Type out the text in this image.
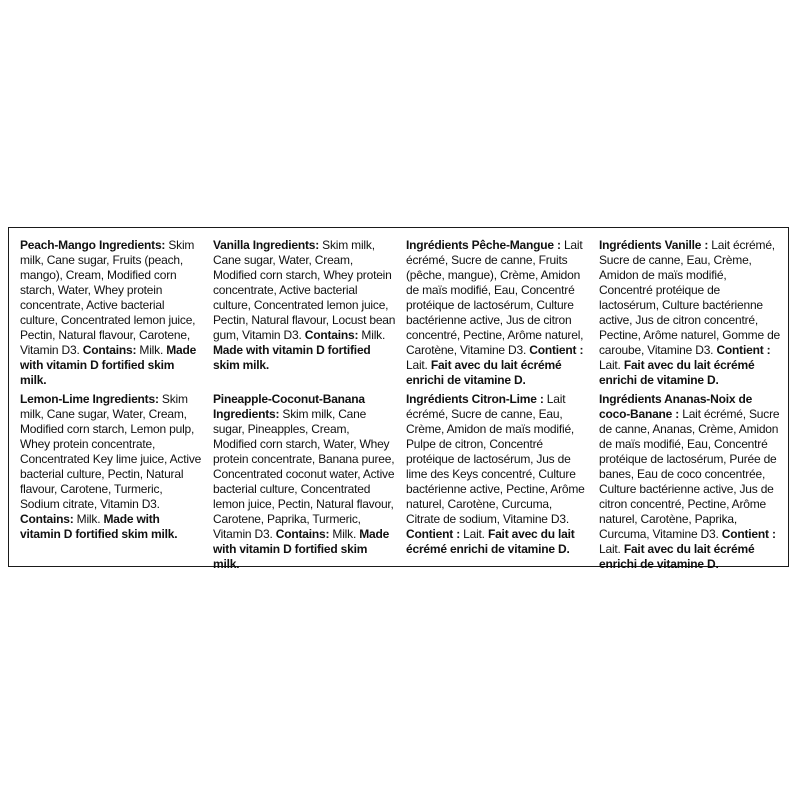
Peach-Mango Ingredients: Skim milk, Cane sugar, Fruits (peach, mango), Cream, Modified corn starch, Water, Whey protein concentrate, Active bacterial culture, Concentrated lemon juice, Pectin, Natural flavour, Carotene, Vitamin D3. Contains: Milk. Made with vitamin D fortified skim milk.
Vanilla Ingredients: Skim milk, Cane sugar, Water, Cream, Modified corn starch, Whey protein concentrate, Active bacterial culture, Concentrated lemon juice, Pectin, Natural flavour, Locust bean gum, Vitamin D3. Contains: Milk. Made with vitamin D fortified skim milk.
Ingrédients Pêche-Mangue : Lait écrémé, Sucre de canne, Fruits (pêche, mangue), Crème, Amidon de maïs modifié, Eau, Concentré protéique de lactosérum, Culture bactérienne active, Jus de citron concentré, Pectine, Arôme naturel, Carotène, Vitamine D3. Contient : Lait. Fait avec du lait écrémé enrichi de vitamine D.
Ingrédients Vanille : Lait écrémé, Sucre de canne, Eau, Crème, Amidon de maïs modifié, Concentré protéique de lactosérum, Culture bactérienne active, Jus de citron concentré, Pectine, Arôme naturel, Gomme de caroube, Vitamine D3. Contient : Lait. Fait avec du lait écrémé enrichi de vitamine D.
Lemon-Lime Ingredients: Skim milk, Cane sugar, Water, Cream, Modified corn starch, Lemon pulp, Whey protein concentrate, Concentrated Key lime juice, Active bacterial culture, Pectin, Natural flavour, Carotene, Turmeric, Sodium citrate, Vitamin D3. Contains: Milk. Made with vitamin D fortified skim milk.
Pineapple-Coconut-Banana Ingredients: Skim milk, Cane sugar, Pineapples, Cream, Modified corn starch, Water, Whey protein concentrate, Banana puree, Concentrated coconut water, Active bacterial culture, Concentrated lemon juice, Pectin, Natural flavour, Carotene, Paprika, Turmeric, Vitamin D3. Contains: Milk. Made with vitamin D fortified skim milk.
Ingrédients Citron-Lime : Lait écrémé, Sucre de canne, Eau, Crème, Amidon de maïs modifié, Pulpe de citron, Concentré protéique de lactosérum, Jus de lime des Keys concentré, Culture bactérienne active, Pectine, Arôme naturel, Carotène, Curcuma, Citrate de sodium, Vitamine D3. Contient : Lait. Fait avec du lait écrémé enrichi de vitamine D.
Ingrédients Ananas-Noix de coco-Banane : Lait écrémé, Sucre de canne, Ananas, Crème, Amidon de maïs modifié, Eau, Concentré protéique de lactosérum, Purée de banes, Eau de coco concentrée, Culture bactérienne active, Jus de citron concentré, Pectine, Arôme naturel, Carotène, Paprika, Curcuma, Vitamine D3. Contient : Lait. Fait avec du lait écrémé enrichi de vitamine D.
